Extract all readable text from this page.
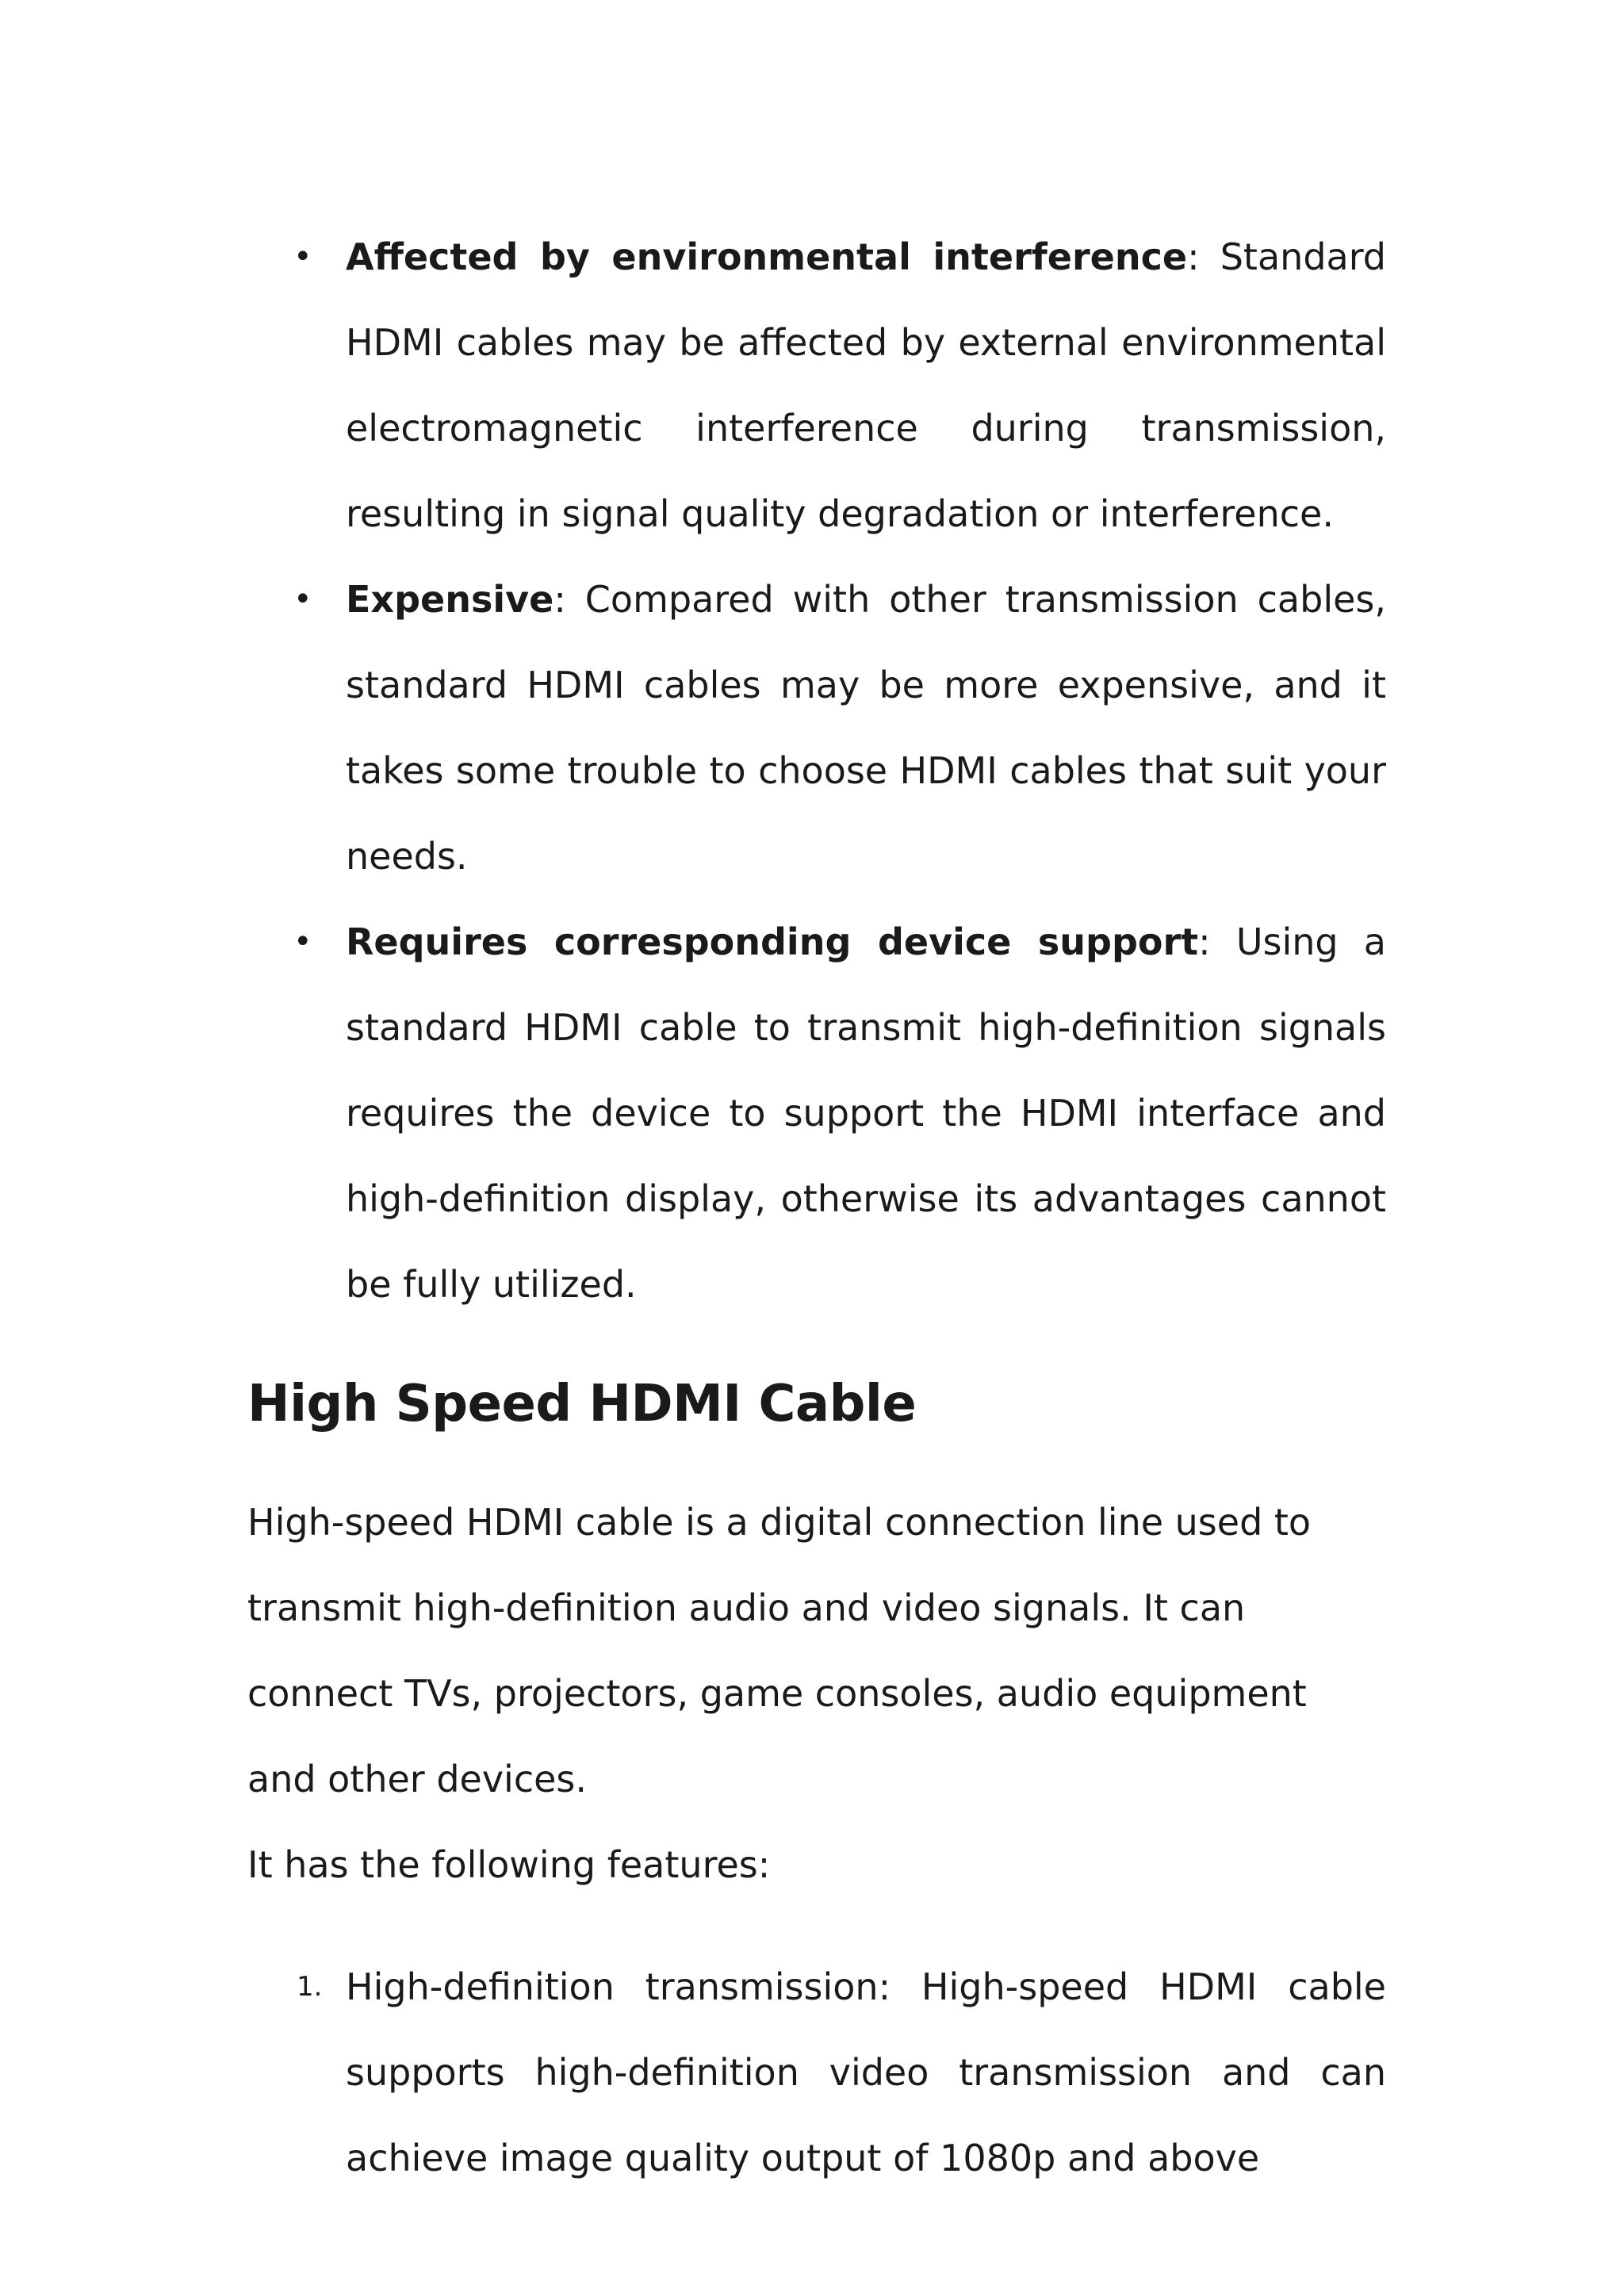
• Affected by environmental interference: Standard HDMI cables may be affected by external environmental electromagnetic interference during transmission, resulting in signal quality degradation or interference.
• Expensive: Compared with other transmission cables, standard HDMI cables may be more expensive, and it takes some trouble to choose HDMI cables that suit your needs.
• Requires corresponding device support: Using a standard HDMI cable to transmit high-definition signals requires the device to support the HDMI interface and high-definition display, otherwise its advantages cannot be fully utilized.
High Speed HDMI Cable

High-speed HDMI cable is a digital connection line used to transmit high-definition audio and video signals. It can connect TVs, projectors, game consoles, audio equipment and other devices.

It has the following features:

1. High-definition transmission: High-speed HDMI cable supports high-definition video transmission and can achieve image quality output of 1080p and above
